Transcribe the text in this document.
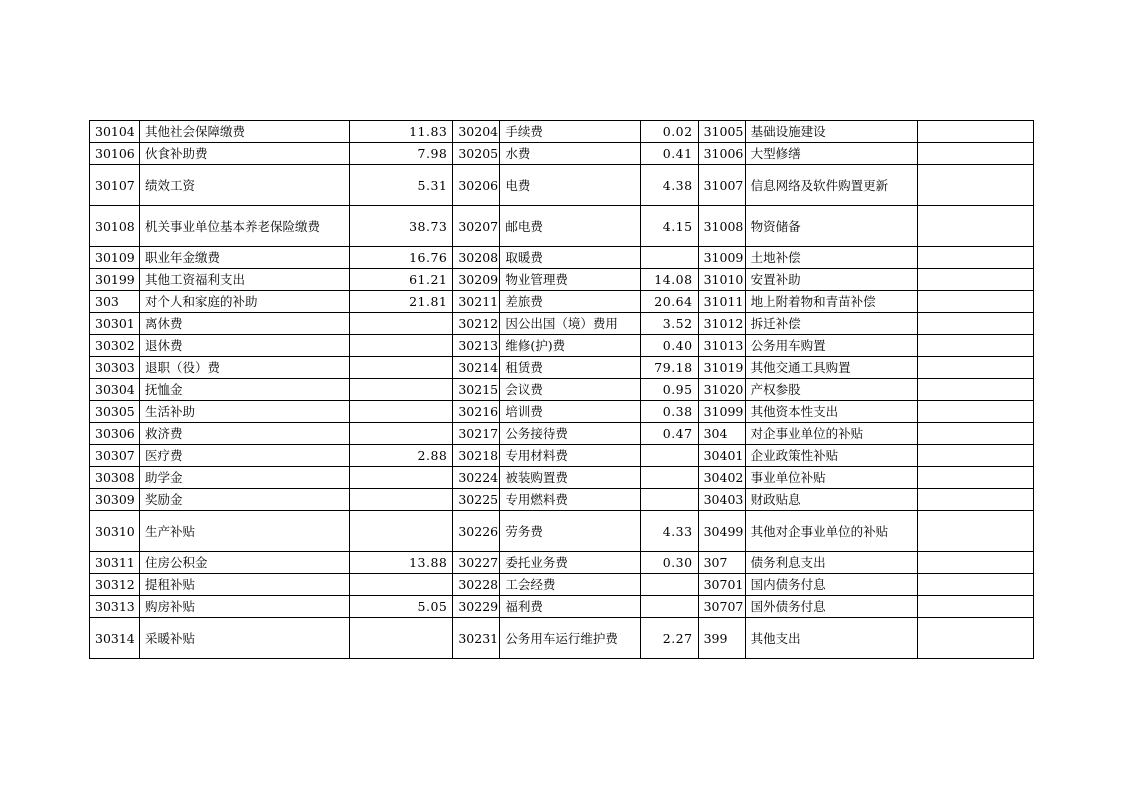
30104	其他社会保障缴费	11.83	30204	手续费	0.02	31005	基础设施建设	
30106	伙食补助费	7.98	30205	水费	0.41	31006	大型修缮	
30107	绩效工资	5.31	30206	电费	4.38	31007	信息网络及软件购置更新	
30108	机关事业单位基本养老保险缴费	38.73	30207	邮电费	4.15	31008	物资储备	
30109	职业年金缴费	16.76	30208	取暖费		31009	土地补偿	
30199	其他工资福利支出	61.21	30209	物业管理费	14.08	31010	安置补助	
303	对个人和家庭的补助	21.81	30211	差旅费	20.64	31011	地上附着物和青苗补偿	
30301	离休费		30212	因公出国（境）费用	3.52	31012	拆迁补偿	
30302	退休费		30213	维修(护)费	0.40	31013	公务用车购置	
30303	退职（役）费		30214	租赁费	79.18	31019	其他交通工具购置	
30304	抚恤金		30215	会议费	0.95	31020	产权参股	
30305	生活补助		30216	培训费	0.38	31099	其他资本性支出	
30306	救济费		30217	公务接待费	0.47	304	对企事业单位的补贴	
30307	医疗费	2.88	30218	专用材料费		30401	企业政策性补贴	
30308	助学金		30224	被装购置费		30402	事业单位补贴	
30309	奖励金		30225	专用燃料费		30403	财政贴息	
30310	生产补贴		30226	劳务费	4.33	30499	其他对企事业单位的补贴	
30311	住房公积金	13.88	30227	委托业务费	0.30	307	债务利息支出	
30312	提租补贴		30228	工会经费		30701	国内债务付息	
30313	购房补贴	5.05	30229	福利费		30707	国外债务付息	
30314	采暖补贴		30231	公务用车运行维护费	2.27	399	其他支出	
